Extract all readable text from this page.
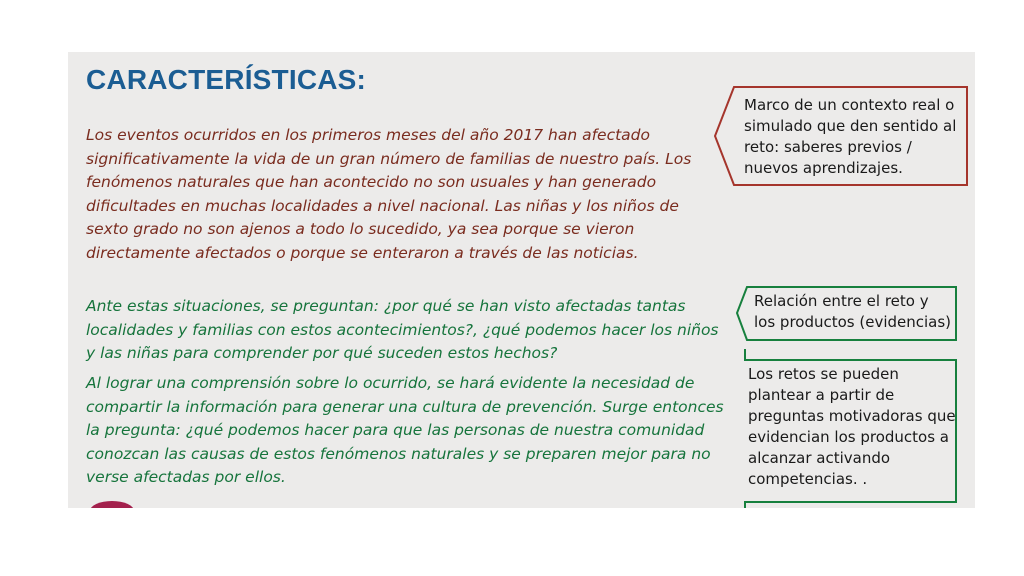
CARACTERÍSTICAS:

Los eventos ocurridos en los primeros meses del año 2017 han afectado significativamente la vida de un gran número de familias de nuestro país. Los fenómenos naturales que han acontecido no son usuales y han generado dificultades en muchas localidades a nivel nacional. Las niñas y los niños de sexto grado no son ajenos a todo lo sucedido, ya sea porque se vieron directamente afectados o porque se enteraron a través de las noticias.

Ante estas situaciones, se preguntan: ¿por qué se han visto afectadas tantas localidades y familias con estos acontecimientos?, ¿qué podemos hacer los niños y las niñas para comprender por qué suceden estos hechos?

Al lograr una comprensión sobre lo ocurrido, se hará evidente la necesidad de compartir la información para generar una cultura de prevención. Surge entonces la pregunta: ¿qué podemos hacer para que las personas de nuestra comunidad conozcan las causas de estos fenómenos naturales y se preparen mejor para no verse afectadas por ellos.

Marco de un contexto real o simulado que den sentido al reto: saberes previos / nuevos aprendizajes.
Relación entre el reto y los productos (evidencias)
Los retos se pueden plantear a partir de preguntas motivadoras que evidencian los productos a alcanzar activando competencias. .
